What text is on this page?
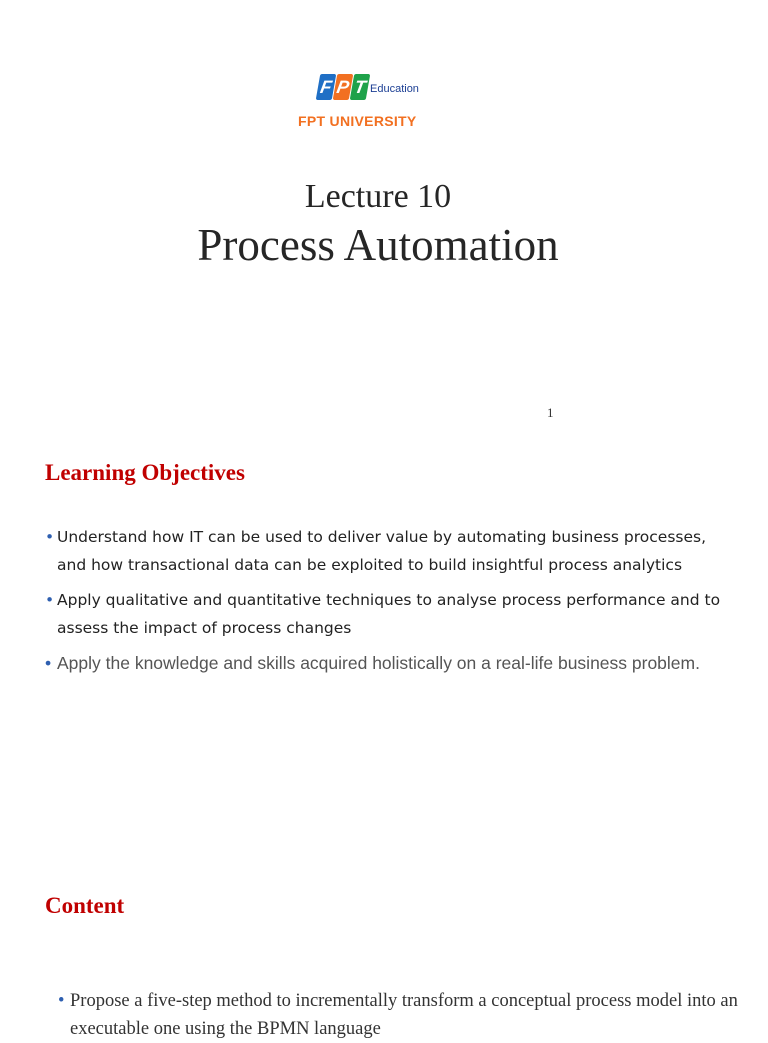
F P T Education
FPT UNIVERSITY
Lecture 10
Process Automation
1
Learning Objectives
• Understand how IT can be used to deliver value by automating business processes, and how transactional data can be exploited to build insightful process analytics
• Apply qualitative and quantitative techniques to analyse process performance and to assess the impact of process changes
• Apply the knowledge and skills acquired holistically on a real-life business problem.
Content
• Propose a five-step method to incrementally transform a conceptual process model into an executable one using the BPMN language
